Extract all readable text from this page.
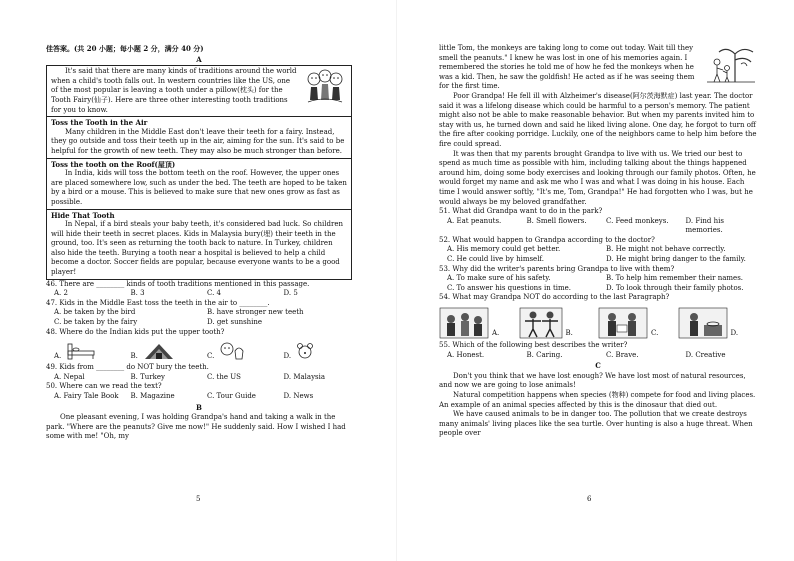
佳答案。(共 20 小题；每小题 2 分，满分 40 分)

A

It's said that there are many kinds of traditions around the world when a child's tooth falls out. In western countries like the US, one of the most popular is leaving a tooth under a pillow(枕头) for the Tooth Fairy(仙子). Here are three other interesting tooth traditions for you to know.

Toss the Tooth in the Air

Many children in the Middle East don't leave their teeth for a fairy. Instead, they go outside and toss their teeth up in the air, aiming for the sun. It's said to be helpful for the growth of new teeth. They may also be much stronger than before.

Toss the tooth on the Roof(屋顶)

In India, kids will toss the bottom teeth on the roof. However, the upper ones are placed somewhere low, such as under the bed. The teeth are hoped to be taken by a bird or a mouse. This is believed to make sure that new ones grow as fast as possible.

Hide That Tooth

In Nepal, if a bird steals your baby teeth, it's considered bad luck. So children will hide their teeth in secret places. Kids in Malaysia bury(埋) their teeth in the ground, too. It's seen as returning the tooth back to nature. In Turkey, children also hide the teeth. Burying a tooth near a hospital is believed to help a child become a doctor. Soccer fields are popular, because everyone wants to be a good player!

46. There are ________ kinds of tooth traditions mentioned in this passage.

A. 2	B. 3	C. 4	D. 5

47. Kids in the Middle East toss the teeth in the air to ________.

A. be taken by the bird	B. have stronger new teeth
C. be taken by the fairy	D. get sunshine

48. Where do the Indian kids put the upper tooth?

A.	B.	C.	D.

49. Kids from ________ do NOT bury the teeth.

A. Nepal	B. Turkey	C. the US	D. Malaysia

50. Where can we read the text?

A. Fairy Tale Book	B. Magazine	C. Tour Guide	D. News

B

One pleasant evening, I was holding Grandpa's hand and taking a walk in the park. "Where are the peanuts? Give me now!" He suddenly said. How I wished I had some with me! "Oh, my

5

little Tom, the monkeys are taking long to come out today. Wait till they smell the peanuts." I knew he was lost in one of his memories again. I remembered the stories he told me of how he fed the monkeys when he was a kid. Then, he saw the goldfish! He acted as if he was seeing them for the first time.

Poor Grandpa! He fell ill with Alzheimer's disease(阿尔茨海默症) last year. The doctor said it was a lifelong disease which could be harmful to a person's memory. The patient might also not be able to make reasonable behavior. But when my parents invited him to stay with us, he turned down and said he liked living alone. One day, he forgot to turn off the fire after cooking porridge. Luckily, one of the neighbors came to help him before the fire could spread.

It was then that my parents brought Grandpa to live with us. We tried our best to spend as much time as possible with him, including talking about the things happened around him, doing some body exercises and looking through our family photos. Often, he would forget my name and ask me who I was and what I was doing in his house. Each time I would answer softly, "It's me, Tom, Grandpa!" He had forgotten who I was, but he would always be my beloved grandfather.

51. What did Grandpa want to do in the park?

A. Eat peanuts.	B. Smell flowers.	C. Feed monkeys.	D. Find his memories.

52. What would happen to Grandpa according to the doctor?

A. His memory could get better.	B. He might not behave correctly.
C. He could live by himself.	D. He might bring danger to the family.

53. Why did the writer's parents bring Grandpa to live with them?

A. To make sure of his safety.	B. To help him remember their names.
C. To answer his questions in time.	D. To look through their family photos.

54. What may Grandpa NOT do according to the last Paragraph?

A.	B.	C.	D.

55. Which of the following best describes the writer?

A. Honest.	B. Caring.	C. Brave.	D. Creative

C

Don't you think that we have lost enough? We have lost most of natural resources, and now we are going to lose animals!

Natural competition happens when species (物种) compete for food and living places. An example of an animal species affected by this is the dinosaur that died out.

We have caused animals to be in danger too. The pollution that we create destroys many animals' living places like the sea turtle. Over hunting is also a huge threat. When people over

6
